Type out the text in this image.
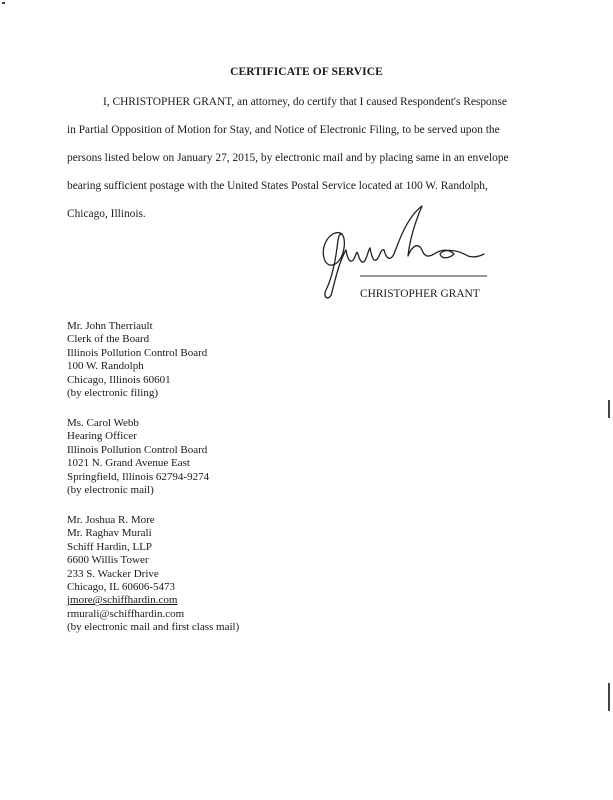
CERTIFICATE OF SERVICE
I, CHRISTOPHER GRANT, an attorney, do certify that I caused Respondent's Response
in Partial Opposition of Motion for Stay, and Notice of Electronic Filing, to be served upon the
persons listed below on January 27, 2015, by electronic mail and by placing same in an envelope
bearing sufficient postage with the United States Postal Service located at 100 W. Randolph,
Chicago, Illinois.
CHRISTOPHER GRANT
Mr. John Therriault
Clerk of the Board
Illinois Pollution Control Board
100 W. Randolph
Chicago, Illinois 60601
(by electronic filing)
Ms. Carol Webb
Hearing Officer
Illinois Pollution Control Board
1021 N. Grand Avenue East
Springfield, Illinois 62794-9274
(by electronic mail)
Mr. Joshua R. More
Mr. Raghav Murali
Schiff Hardin, LLP
6600 Willis Tower
233 S. Wacker Drive
Chicago, IL 60606-5473
jmore@schiffhardin.com
rmurali@schiffhardin.com
(by electronic mail and first class mail)
